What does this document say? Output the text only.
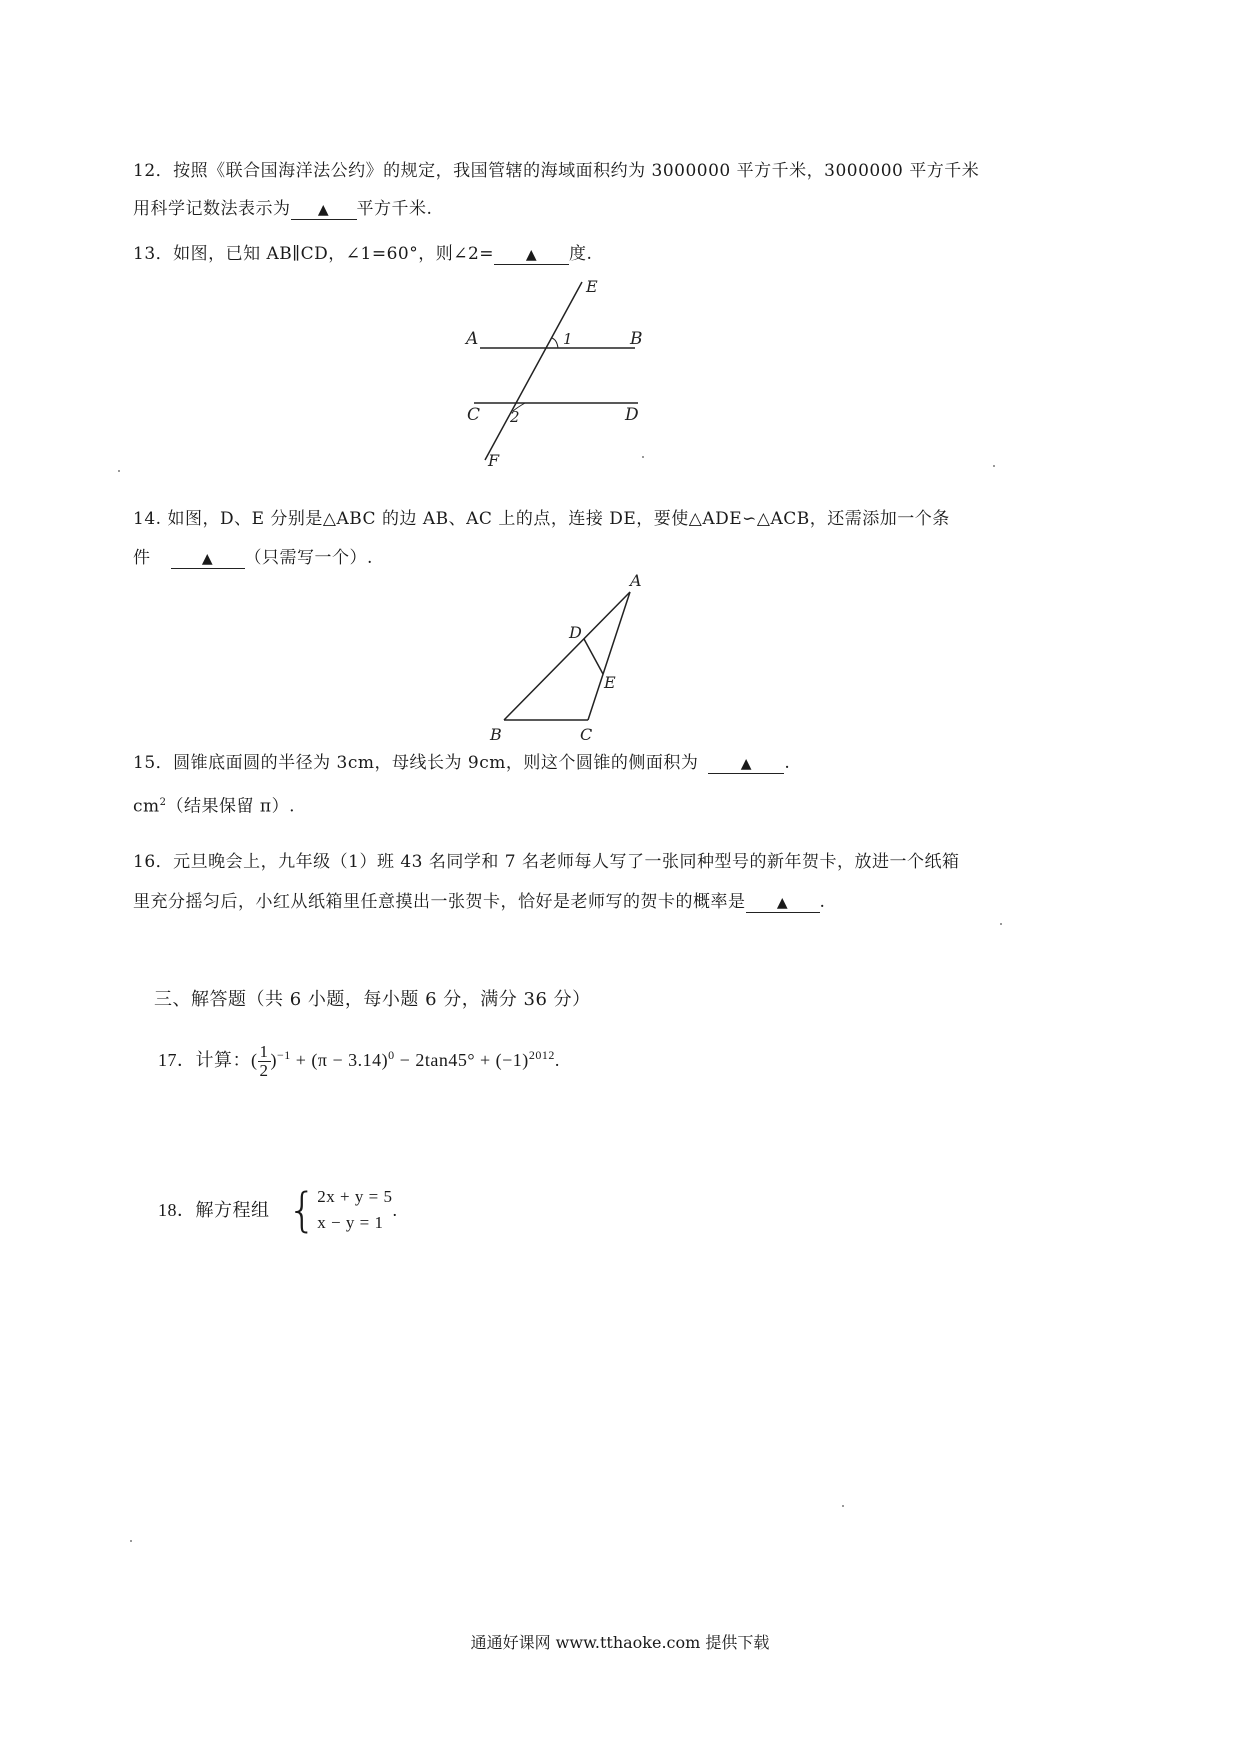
12．按照《联合国海洋法公约》的规定，我国管辖的海域面积约为 3000000 平方千米，3000000 平方千米
用科学记数法表示为 ▲ 平方千米.
13．如图，已知 AB∥CD，∠1=60°，则∠2= ▲ 度.
E
A	B
1
C 2	D
F
14. 如图，D、E 分别是△ABC 的边 AB、AC 上的点，连接 DE，要使△ADE∽△ACB，还需添加一个条
件	▲ （只需写一个）.
A
D
E
B	C
15．圆锥底面圆的半径为 3cm，母线长为 9cm，则这个圆锥的侧面积为	▲ .
$cm^2$（结果保留 π）.
16．元旦晚会上，九年级（1）班 43 名同学和 7 名老师每人写了一张同种型号的新年贺卡，放进一个纸箱
里充分摇匀后，小红从纸箱里任意摸出一张贺卡，恰好是老师写的贺卡的概率是 ▲ .
三、解答题（共 6 小题，每小题 6 分，满分 36 分）
17．计算：( $\frac{1}{2} )^{-1} + (\pi - 3.14)^0 - 2\tan 45^\circ + (-1)^{2012}$.
18．解方程组 { 2x + y = 5
x − y = 1
.
通通好课网 www.tthaoke.com 提供下载
